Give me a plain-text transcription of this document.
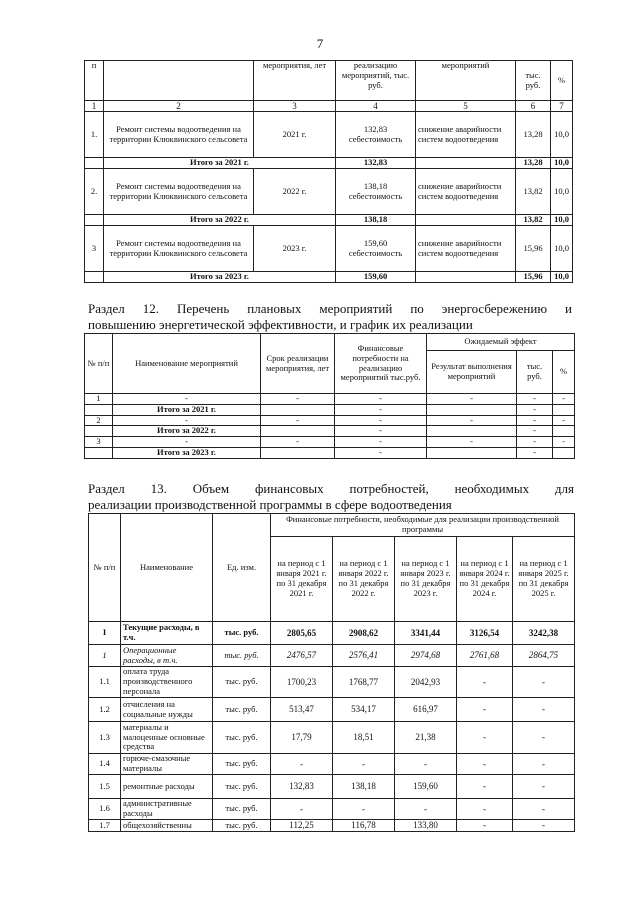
7
п		мероприятия, лет	реализацию мероприятий, тыс. руб.	мероприятий	тыс. руб.	%
1	2	3	4	5	6	7
1.	Ремонт системы водоотведения на территории Клюквинского сельсовета	2021 г.	132,83 себестоимость	снижение аварийности систем водоотведения	13,28	10,0
	Итого за 2021 г.		132,83		13,28	10,0
2.	Ремонт системы водоотведения на территории Клюквинского сельсовета	2022 г.	138,18 себестоимость	снижение аварийности систем водоотведения	13,82	10,0
	Итого за 2022 г.		138,18		13,82	10,0
3	Ремонт системы водоотведения на территории Клюквинского сельсовета	2023 г.	159,60 себестоимость	снижение аварийности систем водоотведения	15,96	10,0
	Итого за 2023 г.		159,60		15,96	10,0
Раздел 12. Перечень плановых мероприятий по энергосбережению и
повышению энергетической эффективности, и график их реализации
№ п/п	Наименование мероприятий	Срок реализации мероприятия, лет	Финансовые потребности на реализацию мероприятий тыс.руб.	Ожидаемый эффект		
				Результат выполнения мероприятий	тыс. руб.	%
1	-	-	-	-	-	-
	Итого за 2021 г.		-		-	
2	-	-	-	-	-	-
	Итого за 2022 г.		-		-	
3	-	-	-	-	-	-
	Итого за 2023 г.		-		-	
Раздел 13. Объем финансовых потребностей, необходимых для
реализации производственной программы в сфере водоотведения
№ п/п	Наименование	Ед. изм.	Финансовые потребности, необходимые для реализации производственной программы				
			на период с 1 января 2021 г. по 31 декабря 2021 г.	на период с 1 января 2022 г. по 31 декабря 2022 г.	на период с 1 января 2023 г. по 31 декабря 2023 г.	на период с 1 января 2024 г. по 31 декабря 2024 г.	на период с 1 января 2025 г. по 31 декабря 2025 г.
I	Текущие расходы, в т.ч.	тыс. руб.	2805,65	2908,62	3341,44	3126,54	3242,38
1	Операционные расходы, в т.ч.	тыс. руб.	2476,57	2576,41	2974,68	2761,68	2864,75
1.1	оплата труда производственного персонала	тыс. руб.	1700,23	1768,77	2042,93	-	-
1.2	отчисления на социальные нужды	тыс. руб.	513,47	534,17	616,97	-	-
1.3	материалы и малоценные основные средства	тыс. руб.	17,79	18,51	21,38	-	-
1.4	горюче-смазочные материалы	тыс. руб.	-	-	-	-	-
1.5	ремонтные расходы	тыс. руб.	132,83	138,18	159,60	-	-
1.6	административные расходы	тыс. руб.	-	-	-	-	-
1.7	общехозяйственны	тыс. руб.	112,25	116,78	133,80	-	-
